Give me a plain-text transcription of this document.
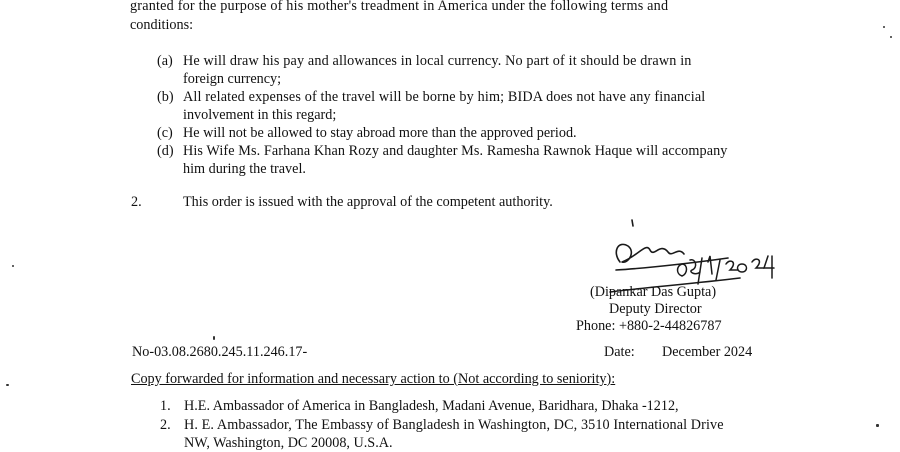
granted for the purpose of his mother's treadment in America under the following terms and
conditions:
(a) He will draw his pay and allowances in local currency. No part of it should be drawn in
foreign currency;
(b) All related expenses of the travel will be borne by him; BIDA does not have any financial
involvement in this regard;
(c) He will not be allowed to stay abroad more than the approved period.
(d) His Wife Ms. Farhana Khan Rozy and daughter Ms. Ramesha Rawnok Haque will accompany
him during the travel.
2.	This order is issued with the approval of the competent authority.
(Dipankar Das Gupta)
Deputy Director
Phone: +880-2-44826787
No-03.08.2680.245.11.246.17-	Date: December 2024
Copy forwarded for information and necessary action to (Not according to seniority):
1. H.E. Ambassador of America in Bangladesh, Madani Avenue, Baridhara, Dhaka -1212,
2. H. E. Ambassador, The Embassy of Bangladesh in Washington, DC, 3510 International Drive
NW, Washington, DC 20008, U.S.A.
